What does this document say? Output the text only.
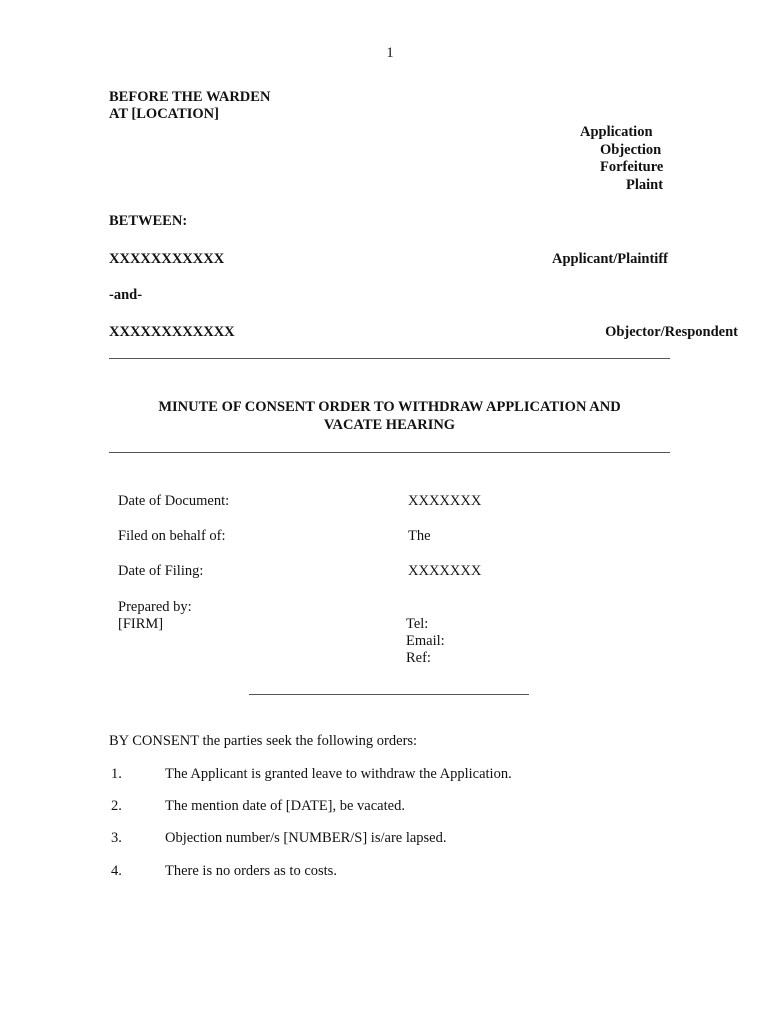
1
BEFORE THE WARDEN
AT [LOCATION]
Application
Objection
Forfeiture
Plaint
BETWEEN:
XXXXXXXXXXX	Applicant/Plaintiff
-and-
XXXXXXXXXXXX	Objector/Respondent
MINUTE OF CONSENT ORDER TO WITHDRAW APPLICATION AND
VACATE HEARING
Date of Document:	XXXXXXX
Filed on behalf of:	The
Date of Filing:	XXXXXXX
Prepared by:
[FIRM]	Tel:
Email:
Ref:
BY CONSENT the parties seek the following orders:
1.	The Applicant is granted leave to withdraw the Application.
2.	The mention date of [DATE], be vacated.
3.	Objection number/s [NUMBER/S] is/are lapsed.
4.	There is no orders as to costs.
